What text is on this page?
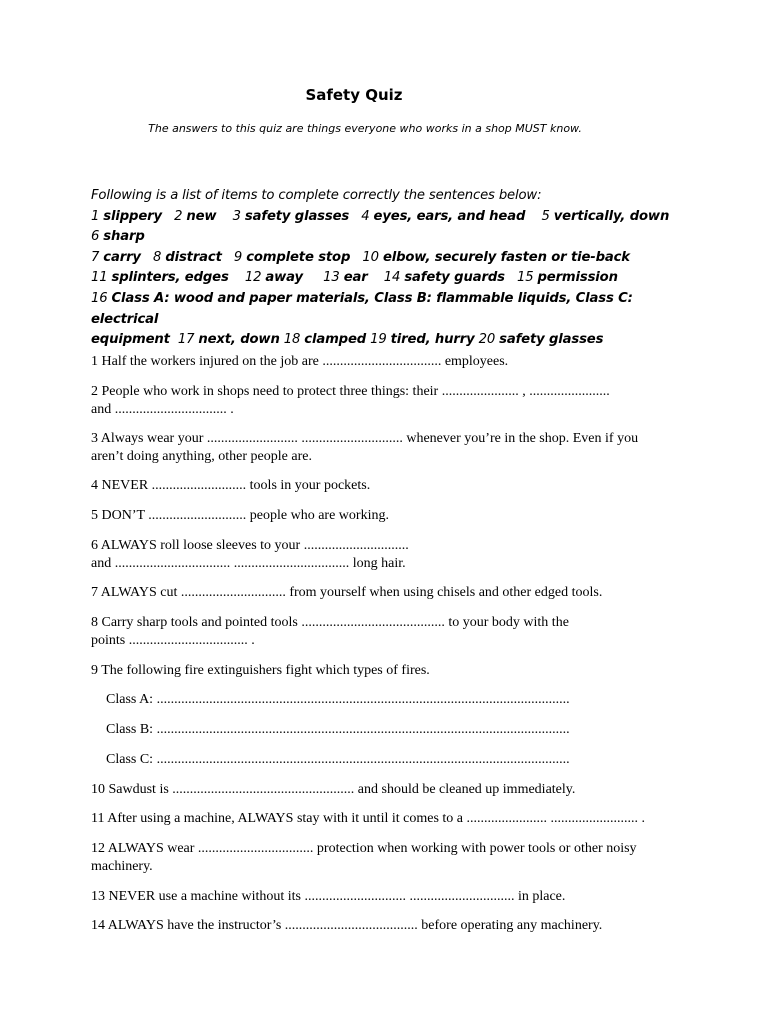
Safety Quiz
The answers to this quiz are things everyone who works in a shop MUST know.
Following is a list of items to complete correctly the sentences below:
1 slippery 2 new 3 safety glasses 4 eyes, ears, and head 5 vertically, down    6 sharp
7 carry 8 distract 9 complete stop 10 elbow, securely fasten or tie-back
11 splinters, edges 12 away 13 ear 14 safety guards 15 permission
16 Class A: wood and paper materials, Class B: flammable liquids, Class C: electrical
equipment 17 next, down 18 clamped 19 tired, hurry 20 safety glasses
1 Half the workers injured on the job are .................................. employees.
2 People who work in shops need to protect three things: their ...................... , .......................
and ................................ .
3 Always wear your .......................... ............................. whenever you’re in the shop. Even if you
aren’t doing anything, other people are.
4 NEVER ........................... tools in your pockets.
5 DON’T ............................ people who are working.
6 ALWAYS roll loose sleeves to your ..............................
and ................................. ................................. long hair.
7 ALWAYS cut .............................. from yourself when using chisels and other edged tools.
8 Carry sharp tools and pointed tools ......................................... to your body with the
points .................................. .
9 The following fire extinguishers fight which types of fires.
Class A: ......................................................................................................................
Class B: ......................................................................................................................
Class C: ......................................................................................................................
10 Sawdust is .................................................... and should be cleaned up immediately.
11 After using a machine, ALWAYS stay with it until it comes to a ....................... ......................... .
12 ALWAYS wear ................................. protection when working with power tools or other noisy
machinery.
13 NEVER use a machine without its ............................. .............................. in place.
14 ALWAYS have the instructor’s ...................................... before operating any machinery.
